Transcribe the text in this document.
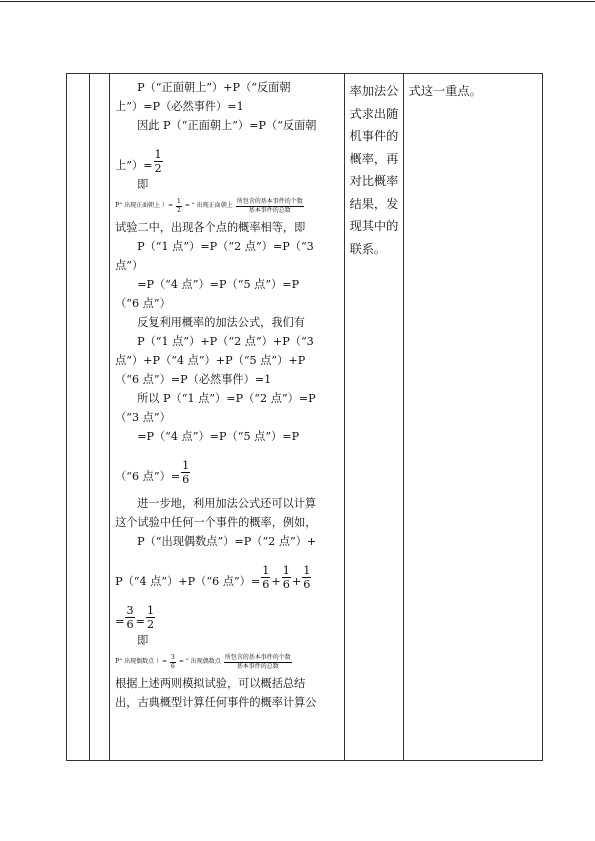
P（“正面朝上”）+P（“反面朝
上”）=P（必然事件）=1
因此 P（“正面朝上”）=P（“反面朝
上”）= $\frac{1}{2}$
即
P“ 出现正面朝上 ）= $\frac{1}{2}$ = “ 出现正面朝上 $\frac{\text{所包含的基本事件的个数}}{\text{基本事件的总数}}$
试验二中，出现各个点的概率相等，即
P（“1 点”）=P（“2 点”）=P（“3
点”）
=P（“4 点”）=P（“5 点”）=P
（“6 点”）
反复利用概率的加法公式，我们有
P（“1 点”）+P（“2 点”）+P（“3
点”）+P（“4 点”）+P（“5 点”）+P
（“6 点”）=P（必然事件）=1
所以 P（“1 点”）=P（“2 点”）=P
（“3 点”）
=P（“4 点”）=P（“5 点”）=P
（“6 点”）= $\frac{1}{6}$
进一步地，利用加法公式还可以计算
这个试验中任何一个事件的概率，例如，
P（“出现偶数点”）=P（“2 点”）+
P（“4 点”）+P（“6 点”）= $\frac{1}{6} + \frac{1}{6} + \frac{1}{6}$
= $\frac{3}{6} = \frac{1}{2}$
即
P“ 出现偶数点 ）= $\frac{3}{6}$ = “ 出现偶数点 $\frac{\text{所包含的基本事件的个数}}{\text{基本事件的总数}}$
根据上述两则模拟试验，可以概括总结
出，古典概型计算任何事件的概率计算公

率加法公
式求出随
机事件的
概率，再
对比概率
结果，发
现其中的
联系。

式这一重点。
